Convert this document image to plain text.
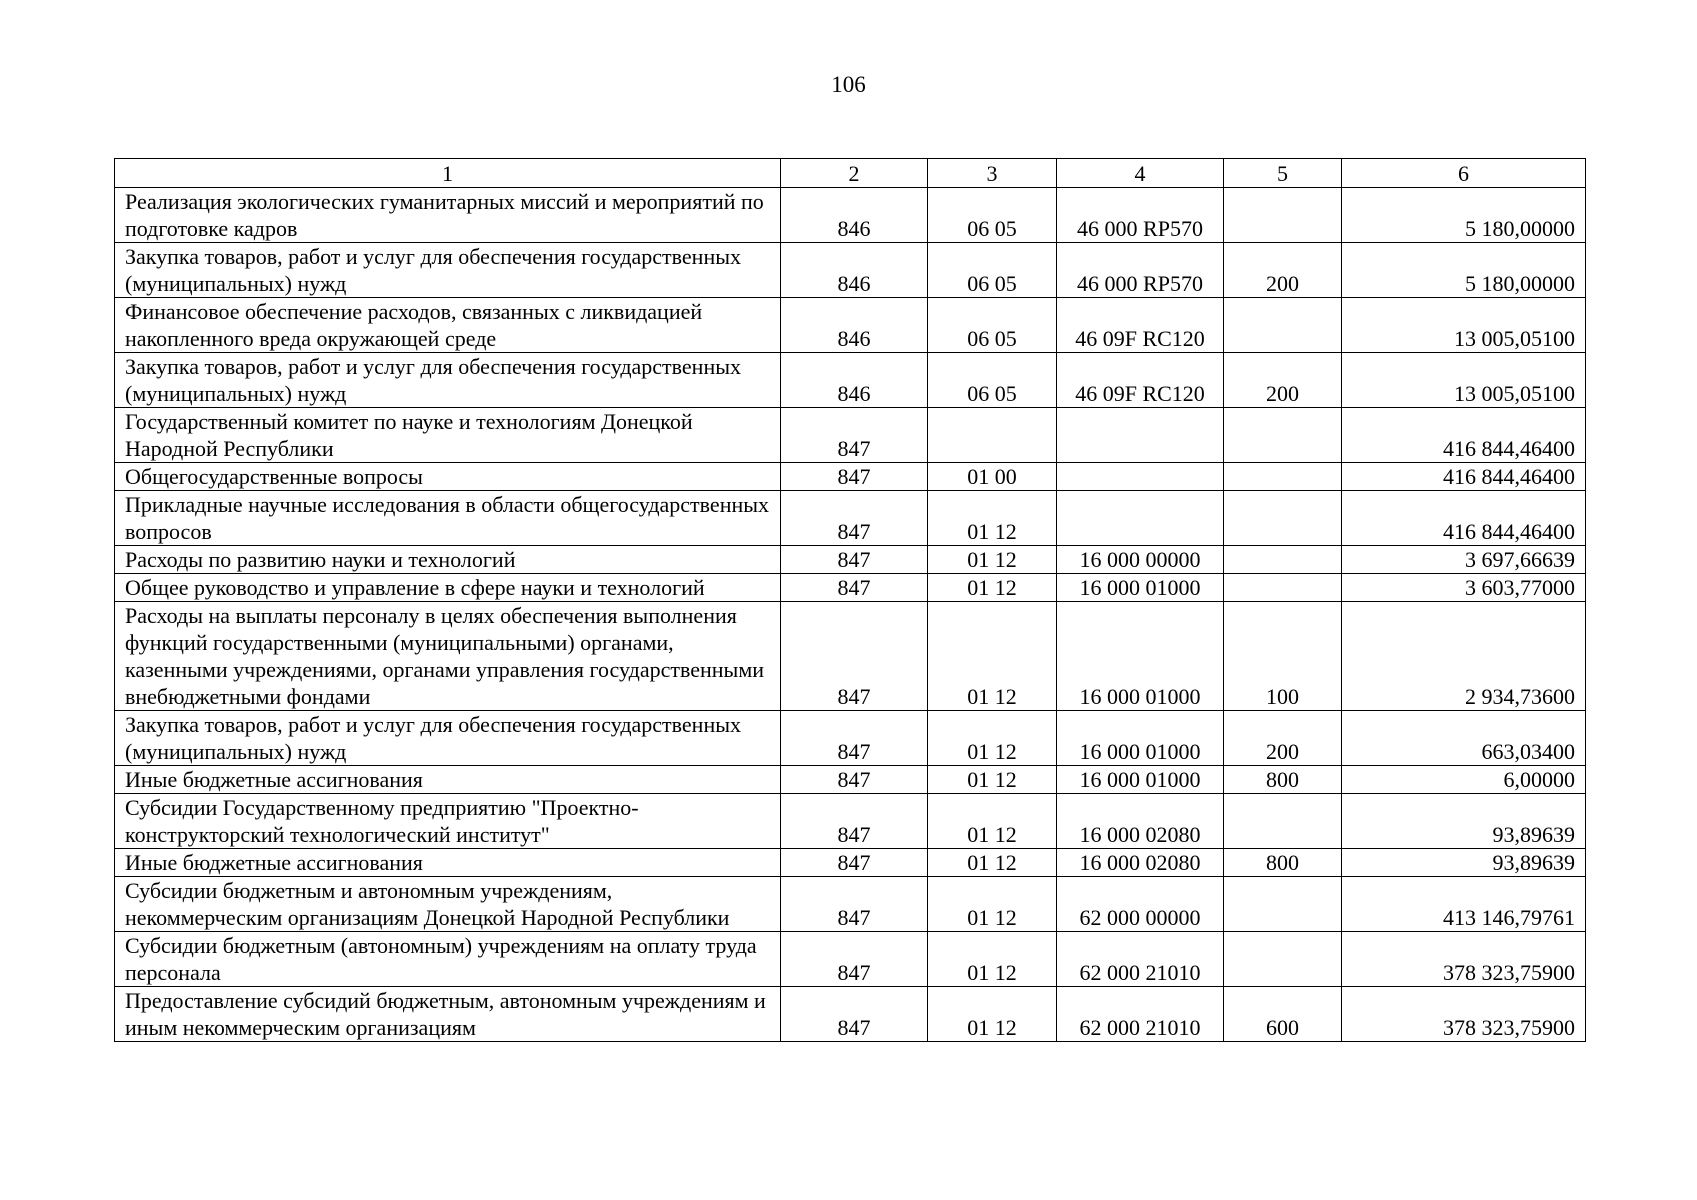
106
1	2	3	4	5	6
Реализация экологических гуманитарных миссий и мероприятий по подготовке кадров	846	06 05	46 000 RP570		5 180,00000
Закупка товаров, работ и услуг для обеспечения государственных (муниципальных) нужд	846	06 05	46 000 RP570	200	5 180,00000
Финансовое обеспечение расходов, связанных с ликвидацией накопленного вреда окружающей среде	846	06 05	46 09F RC120		13 005,05100
Закупка товаров, работ и услуг для обеспечения государственных (муниципальных) нужд	846	06 05	46 09F RC120	200	13 005,05100
Государственный комитет по науке и технологиям Донецкой Народной Республики	847				416 844,46400
Общегосударственные вопросы	847	01 00			416 844,46400
Прикладные научные исследования в области общегосударственных вопросов	847	01 12			416 844,46400
Расходы по развитию науки и технологий	847	01 12	16 000 00000		3 697,66639
Общее руководство и управление в сфере науки и технологий	847	01 12	16 000 01000		3 603,77000
Расходы на выплаты персоналу в целях обеспечения выполнения функций государственными (муниципальными) органами, казенными учреждениями, органами управления государственными внебюджетными фондами	847	01 12	16 000 01000	100	2 934,73600
Закупка товаров, работ и услуг для обеспечения государственных (муниципальных) нужд	847	01 12	16 000 01000	200	663,03400
Иные бюджетные ассигнования	847	01 12	16 000 01000	800	6,00000
Субсидии Государственному предприятию "Проектно-конструкторский технологический институт"	847	01 12	16 000 02080		93,89639
Иные бюджетные ассигнования	847	01 12	16 000 02080	800	93,89639
Субсидии бюджетным и автономным учреждениям, некоммерческим организациям Донецкой Народной Республики	847	01 12	62 000 00000		413 146,79761
Субсидии бюджетным (автономным) учреждениям на оплату труда персонала	847	01 12	62 000 21010		378 323,75900
Предоставление субсидий бюджетным, автономным учреждениям и иным некоммерческим организациям	847	01 12	62 000 21010	600	378 323,75900
